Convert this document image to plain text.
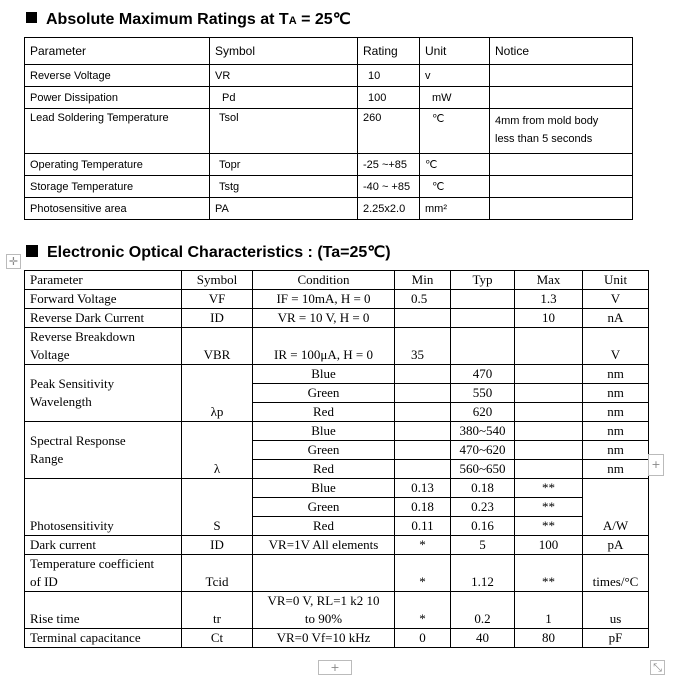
Absolute Maximum Ratings at TA = 25℃
Parameter	Symbol	Rating	Unit	Notice
Reverse Voltage	VR	10	v	
Power Dissipation	Pd	100	mW	
Lead Soldering Temperature	Tsol	260	℃	4mm from mold body
less than 5 seconds

Operating Temperature	Topr	-25 ~+85	℃	
Storage Temperature	Tstg	-40 ~ +85	℃	
Photosensitive area	PA	2.25x2.0	mm²	
✛
Electronic Optical Characteristics : (Ta=25℃)
Parameter	Symbol	Condition	Min	Typ	Max	Unit
Forward Voltage	VF	IF = 10mA, H = 0	0.5		1.3	V
Reverse Dark Current	ID	VR = 10 V, H = 0			10	nA

Reverse Breakdown
Voltage	VBR	IR = 100μA, H = 0	35			V

Peak Sensitivity
Wavelength	λp	Blue		470		nm
		Green		550		nm
		Red		620		nm

Spectral Response
Range	λ	Blue		380~540		nm
		Green		470~620		nm
		Red		560~650		nm
Photosensitivity	S	Blue	0.13	0.18	**	A/W
		Green	0.18	0.23	**	
		Red	0.11	0.16	**	
Dark current	ID	VR=1V All elements	*	5	100	pA

Temperature coefficient
of ID	Tcid		*	1.12	**	times/°C
Rise time	tr	VR=0 V, RL=1 k2 10
to 90%	*	0.2	1	us
Terminal capacitance	Ct	VR=0 Vf=10 kHz	0	40	80	pF
+
+	⤡
